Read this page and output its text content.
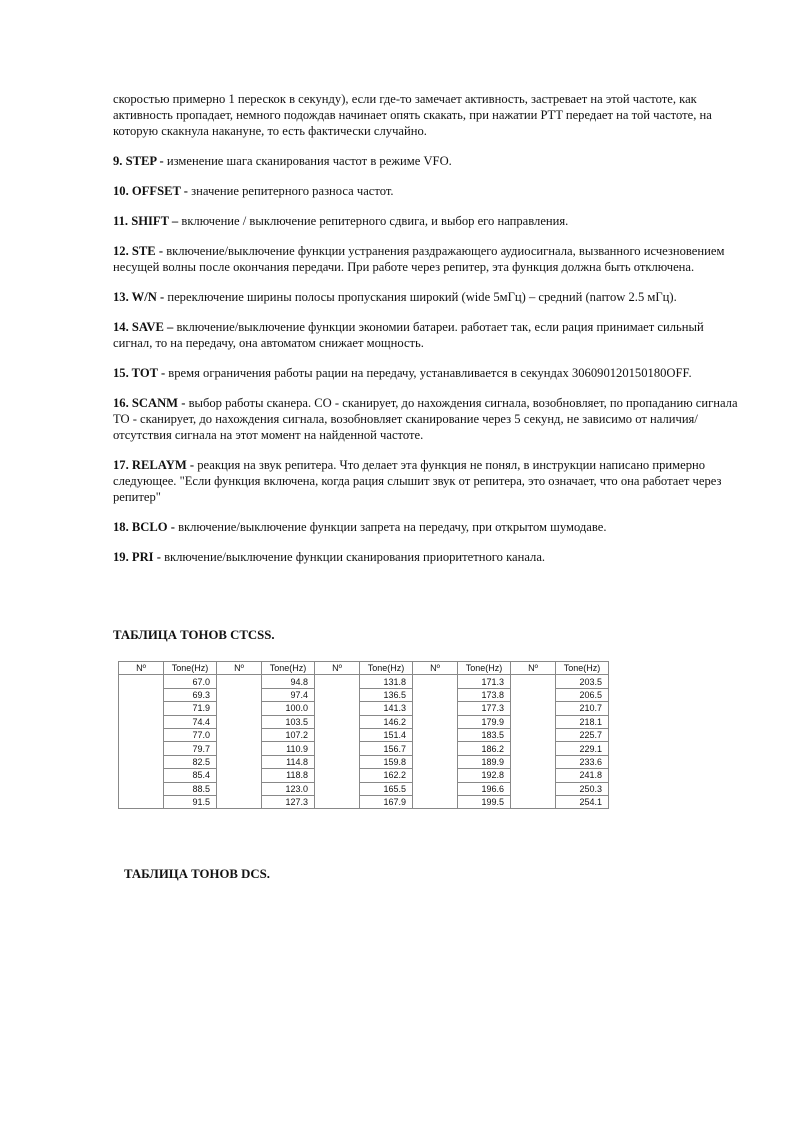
скоростью примерно 1 перескок в секунду), если где-то замечает активность, застревает на этой частоте, как активность пропадает, немного подождав начинает опять скакать, при нажатии PTT передает на той частоте, на которую скакнула накануне, то есть фактически случайно.

9. STEP - изменение шага сканирования частот в режиме VFO.

10. OFFSET - значение репитерного разноса частот.

11. SHIFT – включение / выключение репитерного сдвига, и выбор его направления.

12. STE - включение/выключение функции устранения раздражающего аудиосигнала, вызванного исчезновением несущей волны после окончания передачи. При работе через репитер, эта функция должна быть отключена.

13. W/N - переключение ширины полосы пропускания широкий (wide 5мГц) – средний (narrow 2.5 мГц).

14. SAVE – включение/выключение функции экономии батареи. работает так, если рация принимает сильный сигнал, то на передачу, она автоматом снижает мощность.

15. TOT - время ограничения работы рации на передачу, устанавливается в секундах 306090120150180OFF.

16. SCANM - выбор работы сканера. CO - сканирует, до нахождения сигнала, возобновляет, по пропаданию сигнала TO - сканирует, до нахождения сигнала, возобновляет сканирование через 5 секунд, не зависимо от наличия/отсутствия сигнала на этот момент на найденной частоте.

17. RELAYM - реакция на звук репитера. Что делает эта функция не понял, в инструкции написано примерно следующее. "Если функция включена, когда рация слышит звук от репитера, это означает, что она работает через репитер"

18. BCLO - включение/выключение функции запрета на передачу, при открытом шумодаве.

19. PRI - включение/выключение функции сканирования приоритетного канала.

ТАБЛИЦА ТОНОВ CTCSS.
Nº	Tone(Hz)	Nº	Tone(Hz)	Nº	Tone(Hz)	Nº	Tone(Hz)	Nº	Tone(Hz)
	67.0		94.8		131.8		171.3		203.5
	69.3		97.4		136.5		173.8		206.5
	71.9		100.0		141.3		177.3		210.7
	74.4		103.5		146.2		179.9		218.1
	77.0		107.2		151.4		183.5		225.7
	79.7		110.9		156.7		186.2		229.1
	82.5		114.8		159.8		189.9		233.6
	85.4		118.8		162.2		192.8		241.8
	88.5		123.0		165.5		196.6		250.3
	91.5		127.3		167.9		199.5		254.1
ТАБЛИЦА ТОНОВ DCS.
